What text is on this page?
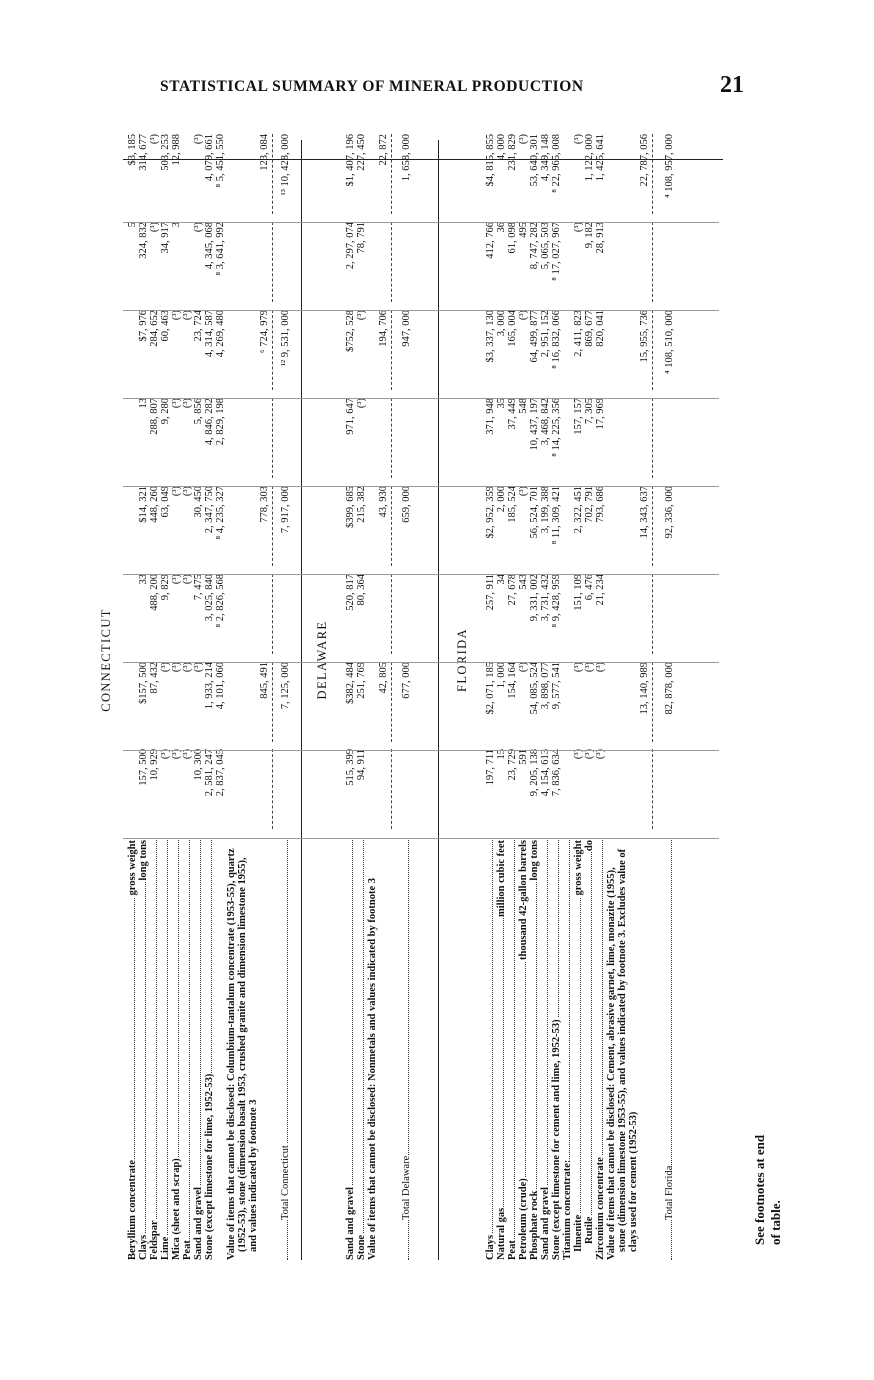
STATISTICAL SUMMARY OF MINERAL PRODUCTION	21
CONNECTICUT
Beryllium concentrate
gross weight
5
$3, 185
Clays
long tons
157, 500
$157, 500
33
$14, 321
13
$7, 976
324, 832
314, 677
Feldspar
10, 929
87, 432
488, 200
448, 260
288, 807
284, 652
(³)
(³)
Lime
(³)
(³)
9, 829
63, 049
9, 280
60, 463
34, 917
503, 253
Mica (sheet and scrap)
(³)
(³)
(³)
(³)
(³)
(³)
3
12, 988
Peat
(³)
(³)
(³)
(³)
(³)
(³)
Sand and gravel
10, 300
(³)
7, 475
30, 450
5, 856
23, 724
(³)
(³)
Stone (except limestone for lime, 1952-53)
2, 581, 247
1, 933, 214
3, 025, 840
2, 347, 750
4, 846, 282
4, 314, 587
4, 345, 068
4, 079, 661
2, 837, 045
4, 101, 060
⁸ 2, 826, 568
⁸ 4, 235, 327
2, 829, 198
4, 269, 480
⁸ 3, 641, 992
⁸ 5, 451, 550
Value of items that cannot be disclosed: Columbium-tantalum concentrate (1953-55), quartz (1952-53), stone (dimension basalt 1953, crushed granite and dimension limestone 1955), and values indicated by footnote 3
845, 491
778, 303
⁶ 724, 979
123, 084
Total Connecticut
7, 125, 000
7, 917, 000
¹² 9, 531, 000
¹³ 10, 428, 000
DELAWARE
Sand and gravel
515, 399
$382, 484
520, 817
$399, 685
971, 647
$752, 528
2, 297, 074
$1, 407, 196
Stone
94, 911
251, 769
80, 364
215, 382
(³)
(³)
78, 791
227, 450
Value of items that cannot be disclosed: Nonmetals and values indicated by footnote 3
42, 805
43, 930
194, 706
22, 872
Total Delaware
677, 000
659, 000
947, 000
1, 658, 000
FLORIDA
Clays
197, 711
$2, 071, 185
257, 911
$2, 952, 359
371, 948
$3, 337, 130
412, 766
$4, 815, 855
Natural gas
million cubic feet
15
1, 000
34
2, 000
35
3, 000
36
4, 000
Peat
23, 729
154, 164
27, 678
185, 524
37, 449
165, 004
61, 098
231, 829
Petroleum (crude)
thousand 42-gallon barrels
591
(³)
543
(³)
548
(³)
495
(³)
Phosphate rock
long tons
9, 205, 138
54, 085, 524
9, 331, 002
56, 524, 701
10, 437, 197
64, 499, 877
8, 747, 282
53, 640, 301
Sand and gravel
4, 154, 613
3, 898, 077
3, 731, 432
3, 199, 388
3, 468, 842
2, 951, 152
5, 065, 503
4, 349, 148
Stone (except limestone for cement and lime, 1952-53)
7, 836, 634
9, 577, 541
⁸ 9, 428, 959
⁸ 11, 309, 421
⁸ 14, 225, 356
⁸ 16, 832, 066
⁸ 17, 027, 967
⁸ 22, 965, 008
Titanium concentrate: Ilmenite
gross weight
(³)
(³)
151, 109
2, 322, 451
157, 157
2, 411, 823
(³)
(³)
Rutile
do
(³)
(³)
6, 476
702, 791
7, 305
869, 677
9, 182
1, 122, 000
Zirconium concentrate
(³)
(³)
21, 234
793, 686
17, 969
820, 041
28, 913
1, 425, 641
Value of items that cannot be disclosed: Cement, abrasive garnet, lime, monazite (1955), stone (dimension limestone 1953-55), and values indicated by footnote 3. Excludes value of clays used for cement (1952-53)
13, 140, 989
14, 343, 637
15, 955, 736
22, 787, 056
Total Florida
82, 878, 000
92, 336, 000
⁴ 108, 510, 000
⁴ 108, 957, 000
See footnotes at end of table.
